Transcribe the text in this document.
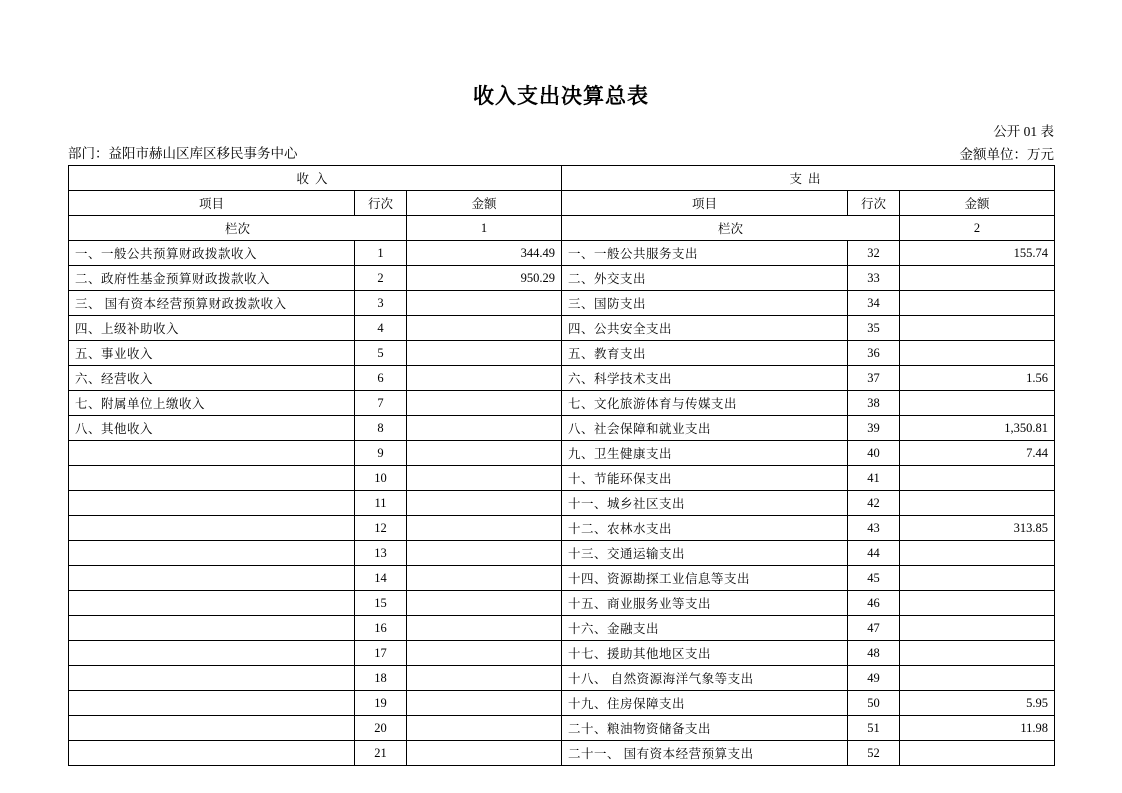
收入支出决算总表
公开 01 表
金额单位：万元
部门：益阳市赫山区库区移民事务中心
收入			支出		
项目	行次	金额	项目	行次	金额
栏次		1	栏次		2
一、一般公共预算财政拨款收入	1	344.49	一、一般公共服务支出	32	155.74
二、政府性基金预算财政拨款收入	2	950.29	二、外交支出	33	
三、 国有资本经营预算财政拨款收入	3		三、国防支出	34	
四、上级补助收入	4		四、公共安全支出	35	
五、事业收入	5		五、教育支出	36	
六、经营收入	6		六、科学技术支出	37	1.56
七、附属单位上缴收入	7		七、文化旅游体育与传媒支出	38	
八、其他收入	8		八、社会保障和就业支出	39	1,350.81
	9		九、卫生健康支出	40	7.44
	10		十、节能环保支出	41	
	11		十一、城乡社区支出	42	
	12		十二、农林水支出	43	313.85
	13		十三、交通运输支出	44	
	14		十四、资源勘探工业信息等支出	45	
	15		十五、商业服务业等支出	46	
	16		十六、金融支出	47	
	17		十七、援助其他地区支出	48	
	18		十八、 自然资源海洋气象等支出	49	
	19		十九、住房保障支出	50	5.95
	20		二十、粮油物资储备支出	51	11.98
	21		二十一、 国有资本经营预算支出	52	
